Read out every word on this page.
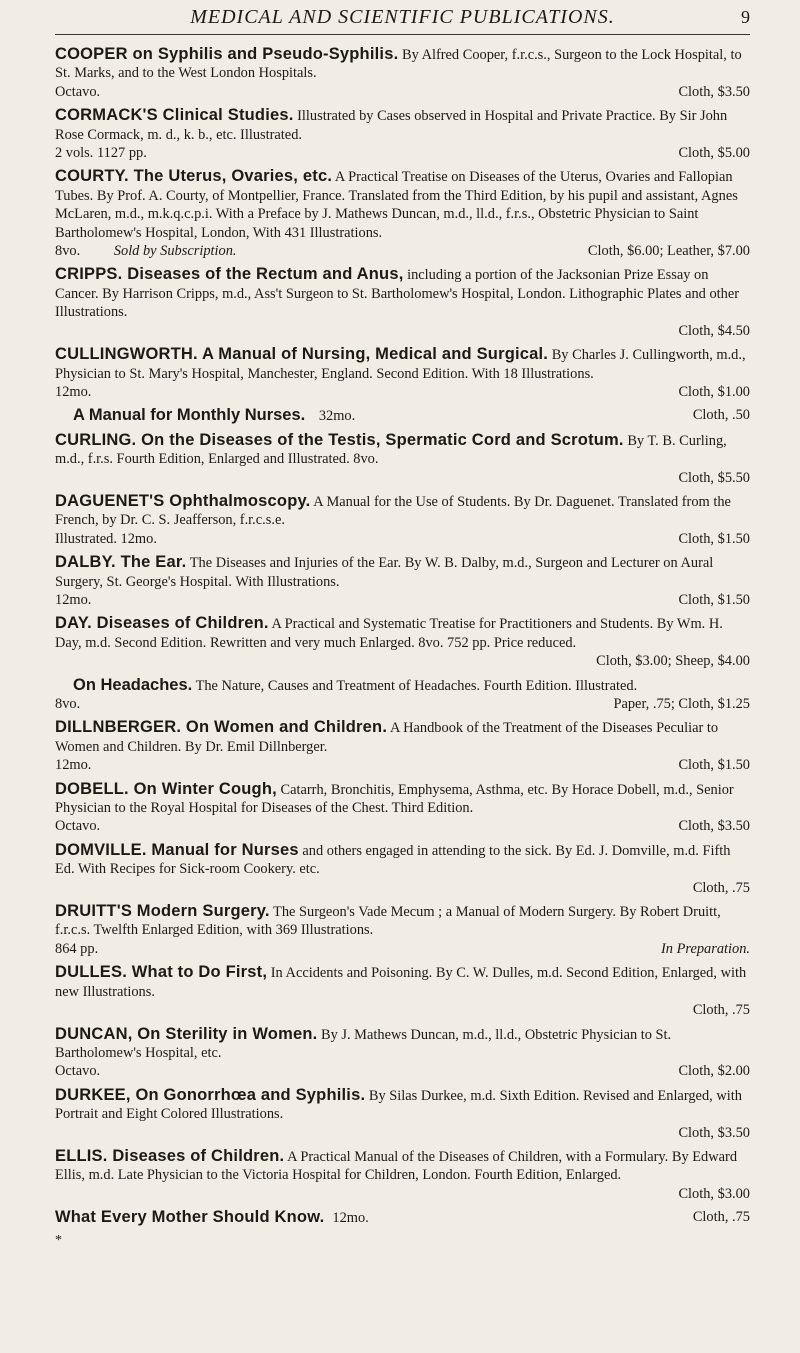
MEDICAL AND SCIENTIFIC PUBLICATIONS.	9

COOPER on Syphilis and Pseudo-Syphilis. By Alfred Cooper, f.r.c.s., Surgeon to the Lock Hospital, to St. Marks, and to the West London Hospitals.

Octavo.	Cloth, $3.50

CORMACK'S Clinical Studies. Illustrated by Cases observed in Hospital and Private Practice. By Sir John Rose Cormack, m. d., k. b., etc. Illustrated.

2 vols. 1127 pp.	Cloth, $5.00

COURTY. The Uterus, Ovaries, etc. A Practical Treatise on Diseases of the Uterus, Ovaries and Fallopian Tubes. By Prof. A. Courty, of Montpellier, France. Translated from the Third Edition, by his pupil and assistant, Agnes McLaren, m.d., m.k.q.c.p.i. With a Preface by J. Mathews Duncan, m.d., ll.d., f.r.s., Obstetric Physician to Saint Bartholomew's Hospital, London, With 431 Illustrations.

8vo. Sold by Subscription.	Cloth, $6.00; Leather, $7.00

CRIPPS. Diseases of the Rectum and Anus, including a portion of the Jacksonian Prize Essay on Cancer. By Harrison Cripps, m.d., Ass't Surgeon to St. Bartholomew's Hospital, London. Lithographic Plates and other Illustrations.

Cloth, $4.50

CULLINGWORTH. A Manual of Nursing, Medical and Surgical. By Charles J. Cullingworth, m.d., Physician to St. Mary's Hospital, Manchester, England. Second Edition. With 18 Illustrations.

12mo.	Cloth, $1.00
A Manual for Monthly Nurses. 32mo.	Cloth, .50

CURLING. On the Diseases of the Testis, Spermatic Cord and Scrotum. By T. B. Curling, m.d., f.r.s. Fourth Edition, Enlarged and Illustrated. 8vo.

Cloth, $5.50

DAGUENET'S Ophthalmoscopy. A Manual for the Use of Students. By Dr. Daguenet. Translated from the French, by Dr. C. S. Jeafferson, f.r.c.s.e.

Illustrated. 12mo.	Cloth, $1.50

DALBY. The Ear. The Diseases and Injuries of the Ear. By W. B. Dalby, m.d., Surgeon and Lecturer on Aural Surgery, St. George's Hospital. With Illustrations.

12mo.	Cloth, $1.50

DAY. Diseases of Children. A Practical and Systematic Treatise for Practitioners and Students. By Wm. H. Day, m.d. Second Edition. Rewritten and very much Enlarged. 8vo. 752 pp. Price reduced.

Cloth, $3.00; Sheep, $4.00

On Headaches. The Nature, Causes and Treatment of Headaches. Fourth Edition. Illustrated.

8vo.	Paper, .75; Cloth, $1.25

DILLNBERGER. On Women and Children. A Handbook of the Treatment of the Diseases Peculiar to Women and Children. By Dr. Emil Dillnberger.

12mo.	Cloth, $1.50

DOBELL. On Winter Cough, Catarrh, Bronchitis, Emphysema, Asthma, etc. By Horace Dobell, m.d., Senior Physician to the Royal Hospital for Diseases of the Chest. Third Edition.

Octavo.	Cloth, $3.50

DOMVILLE. Manual for Nurses and others engaged in attending to the sick. By Ed. J. Domville, m.d. Fifth Ed. With Recipes for Sick-room Cookery. etc.

Cloth, .75

DRUITT'S Modern Surgery. The Surgeon's Vade Mecum ; a Manual of Modern Surgery. By Robert Druitt, f.r.c.s. Twelfth Enlarged Edition, with 369 Illustrations.

864 pp.	In Preparation.

DULLES. What to Do First, In Accidents and Poisoning. By C. W. Dulles, m.d. Second Edition, Enlarged, with new Illustrations.

Cloth, .75

DUNCAN, On Sterility in Women. By J. Mathews Duncan, m.d., ll.d., Obstetric Physician to St. Bartholomew's Hospital, etc.

Octavo.	Cloth, $2.00

DURKEE, On Gonorrhœa and Syphilis. By Silas Durkee, m.d. Sixth Edition. Revised and Enlarged, with Portrait and Eight Colored Illustrations.

Cloth, $3.50

ELLIS. Diseases of Children. A Practical Manual of the Diseases of Children, with a Formulary. By Edward Ellis, m.d. Late Physician to the Victoria Hospital for Children, London. Fourth Edition, Enlarged.

Cloth, $3.00
What Every Mother Should Know. 12mo.	Cloth, .75
*
